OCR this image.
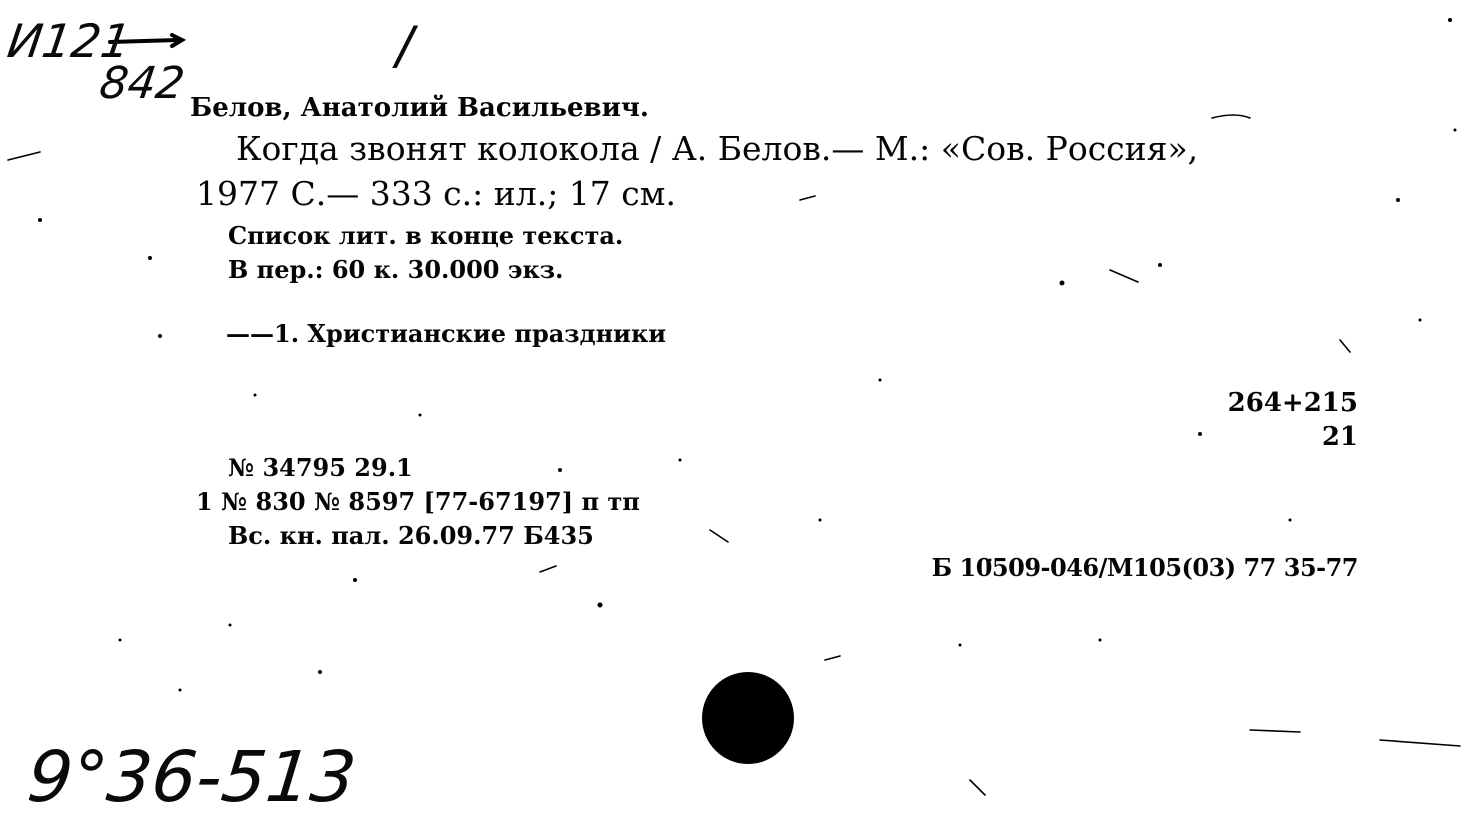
И121
842
/
Белов, Анатолий Васильевич.
Когда звонят колокола / А. Белов.— М.: «Сов. Россия»,
1977 С.— 333 с.: ил.; 17 см.
Список лит. в конце текста.
В пер.: 60 к. 30.000 экз.
——1. Христианские праздники
264+215
21
№ 34795 29.1
1 № 830 № 8597 [77-67197] п тп
Вс. кн. пал. 26.09.77 Б435
Б 10509-046/М105(03) 77 35-77
9°36-513
